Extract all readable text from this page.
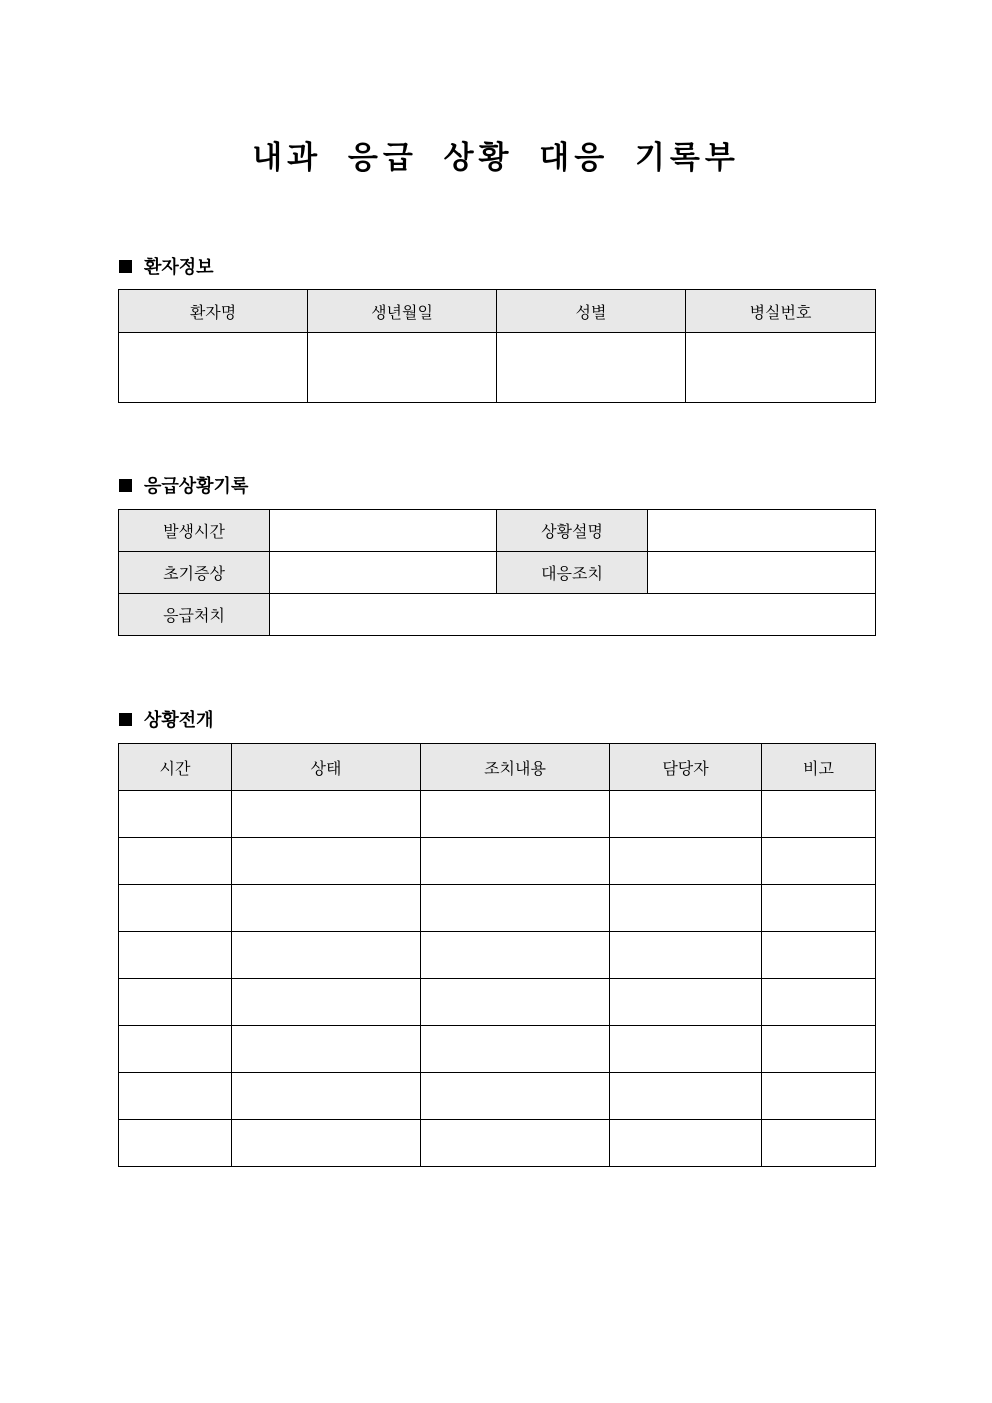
내과 응급 상황 대응 기록부
환자정보
환자명	생년월일	성별	병실번호

응급상황기록
발생시간		상황설명	
초기증상		대응조치	
응급처치			
상황전개
시간	상태	조치내용	담당자	비고
